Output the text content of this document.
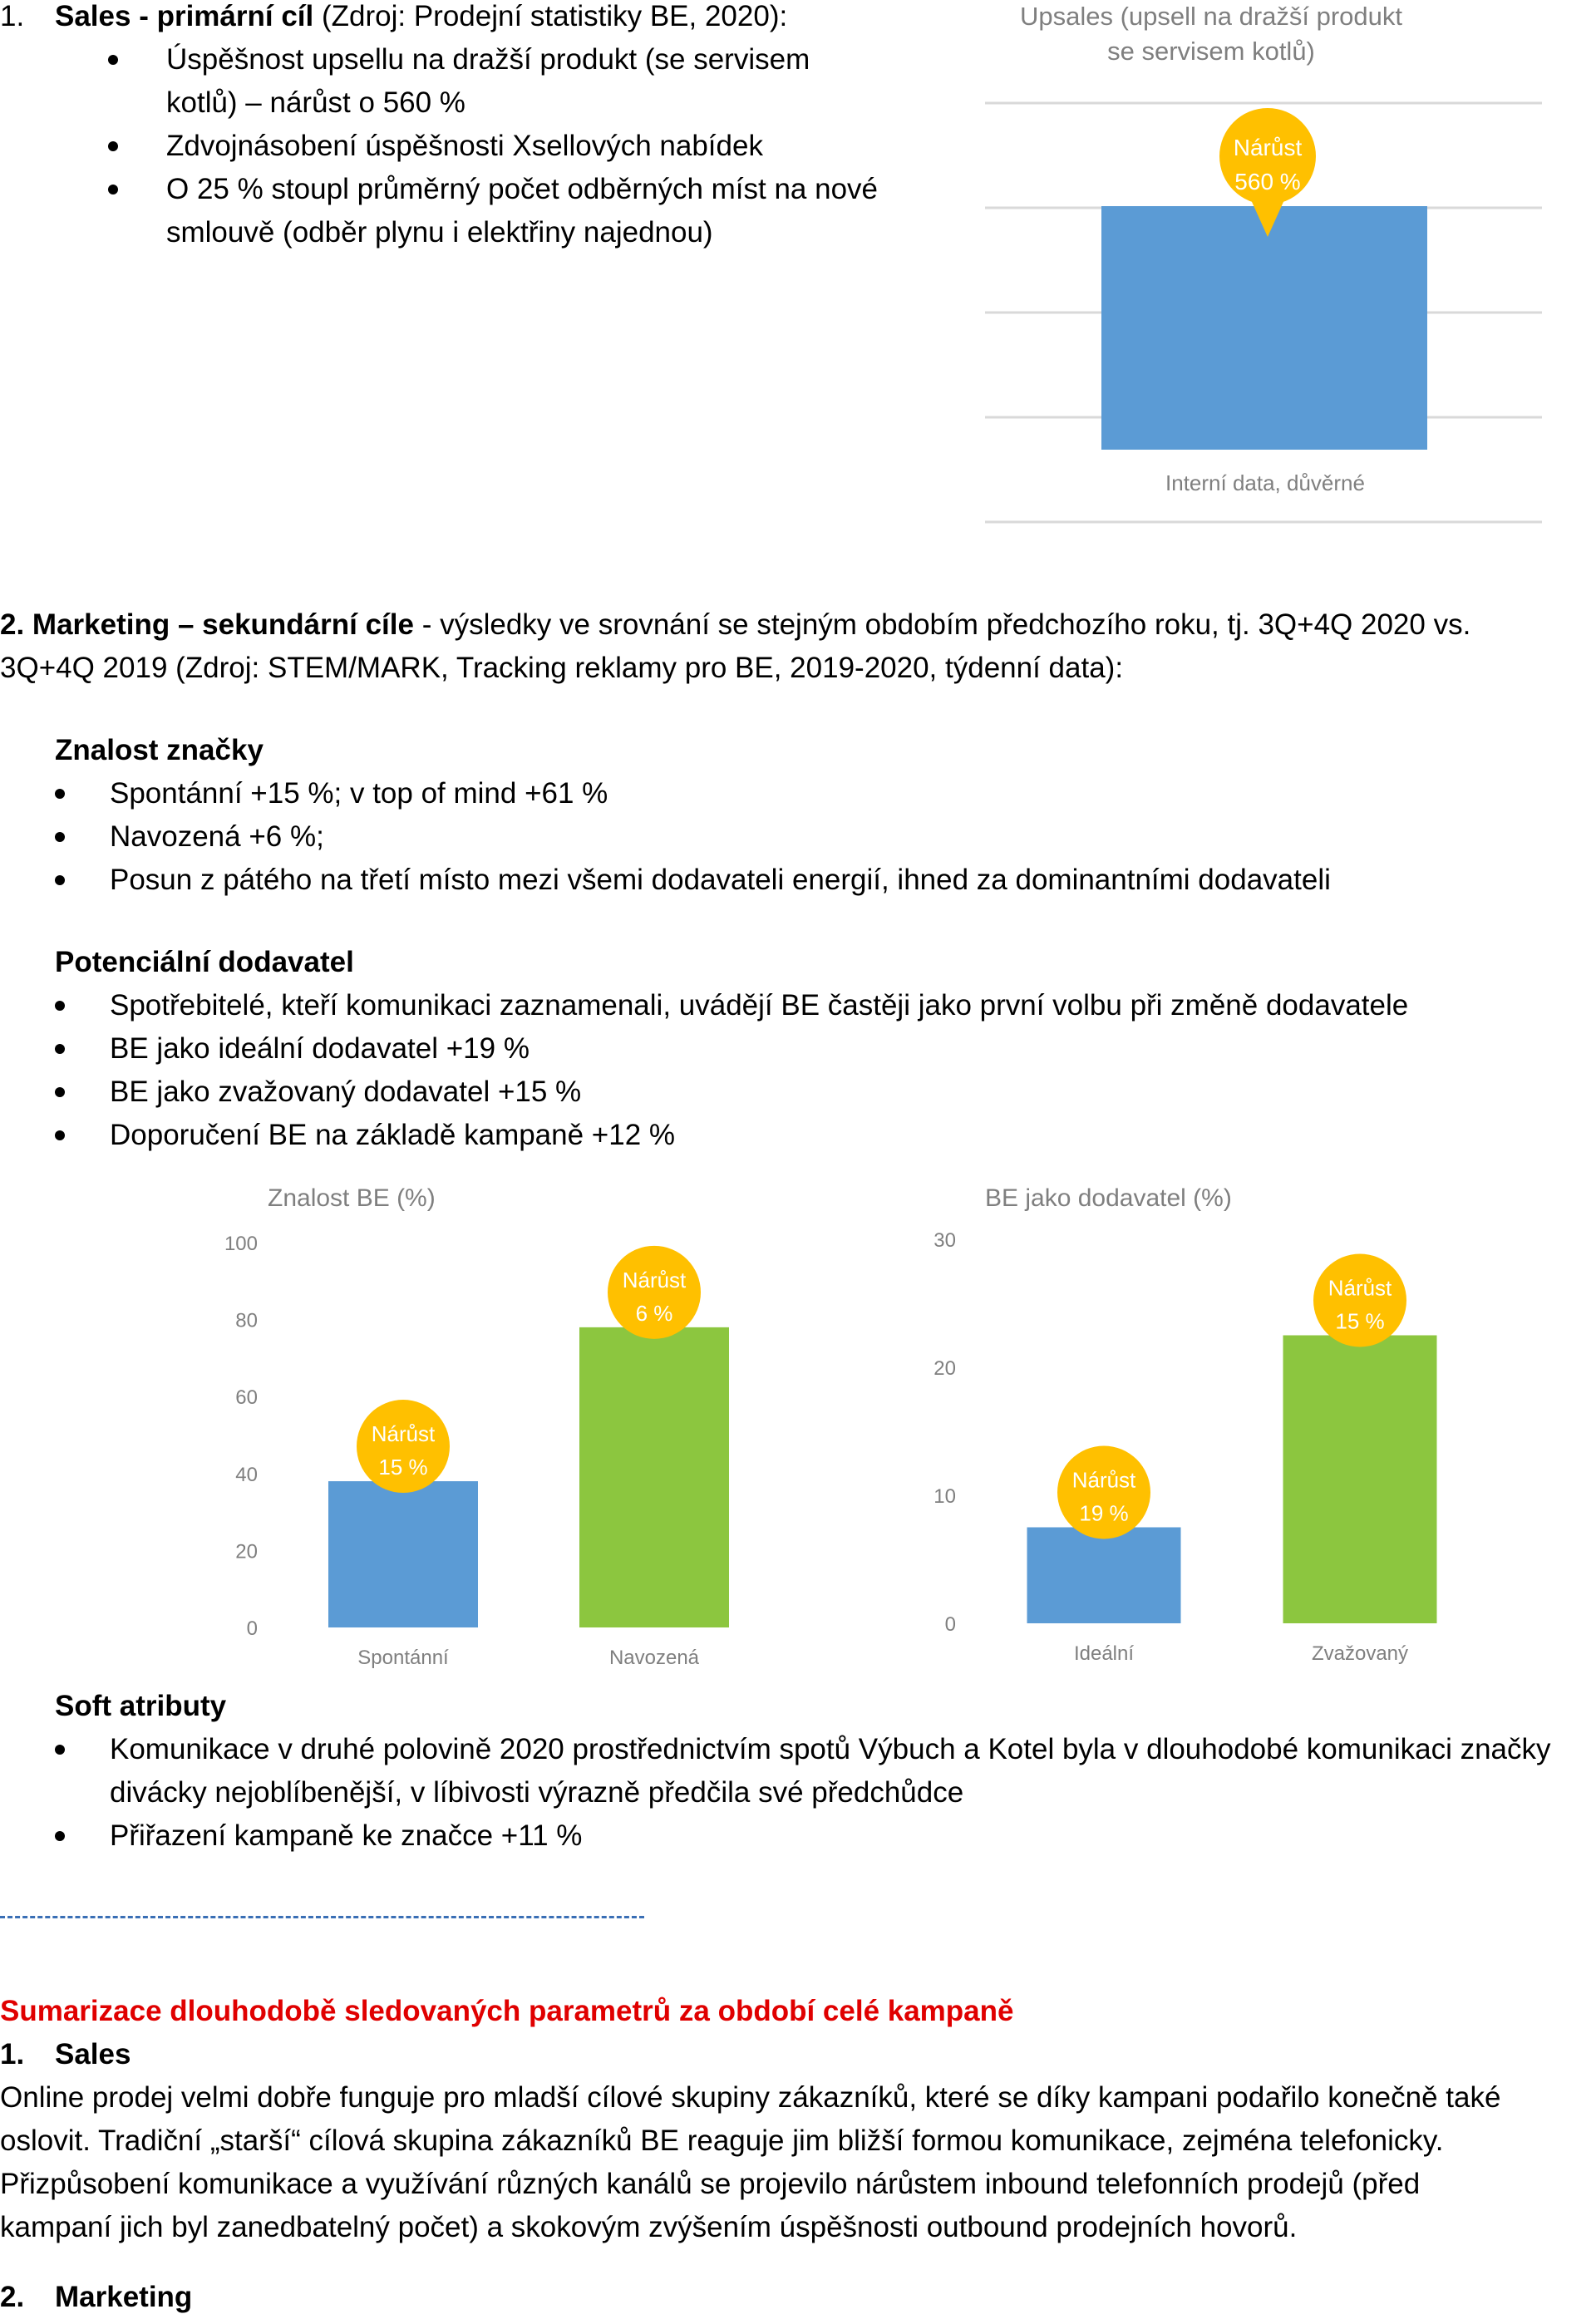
1. Sales - primární cíl (Zdroj: Prodejní statistiky BE, 2020):
Úspěšnost upsellu na dražší produkt (se servisem kotlů) – nárůst o 560 %
Zdvojnásobení úspěšnosti Xsellových nabídek
O 25 % stoupl průměrný počet odběrných míst na nové smlouvě (odběr plynu i elektřiny najednou)
Upsales (upsell na dražší produkt se servisem kotlů)
Nárůst
560 %
Interní data, důvěrné
2. Marketing – sekundární cíle - výsledky ve srovnání se stejným obdobím předchozího roku, tj. 3Q+4Q 2020 vs.
3Q+4Q 2019 (Zdroj: STEM/MARK, Tracking reklamy pro BE, 2019-2020, týdenní data):
Znalost značky
Spontánní +15 %; v top of mind +61 %
Navozená +6 %;
Posun z pátého na třetí místo mezi všemi dodavateli energií, ihned za dominantními dodavateli
Potenciální dodavatel
Spotřebitelé, kteří komunikaci zaznamenali, uvádějí BE častěji jako první volbu při změně dodavatele
BE jako ideální dodavatel +19 %
BE jako zvažovaný dodavatel +15 %
Doporučení BE na základě kampaně +12 %
Znalost BE (%)
0
20
40
60
80
100
Nárůst
15 %
Nárůst
6 %
Spontánní	Navozená
BE jako dodavatel (%)
0
10
20
30
Nárůst
19 %
Nárůst
15 %
Ideální	Zvažovaný
Soft atributy
Komunikace v druhé polovině 2020 prostřednictvím spotů Výbuch a Kotel byla v dlouhodobé komunikaci značky divácky nejoblíbenější, v líbivosti výrazně předčila své předchůdce
Přiřazení kampaně ke značce +11 %
Sumarizace dlouhodobě sledovaných parametrů za období celé kampaně
1. Sales
Online prodej velmi dobře funguje pro mladší cílové skupiny zákazníků, které se díky kampani podařilo konečně také
oslovit. Tradiční „starší“ cílová skupina zákazníků BE reaguje jim bližší formou komunikace, zejména telefonicky.
Přizpůsobení komunikace a využívání různých kanálů se projevilo nárůstem inbound telefonních prodejů (před
kampaní jich byl zanedbatelný počet) a skokovým zvýšením úspěšnosti outbound prodejních hovorů.
2. Marketing
